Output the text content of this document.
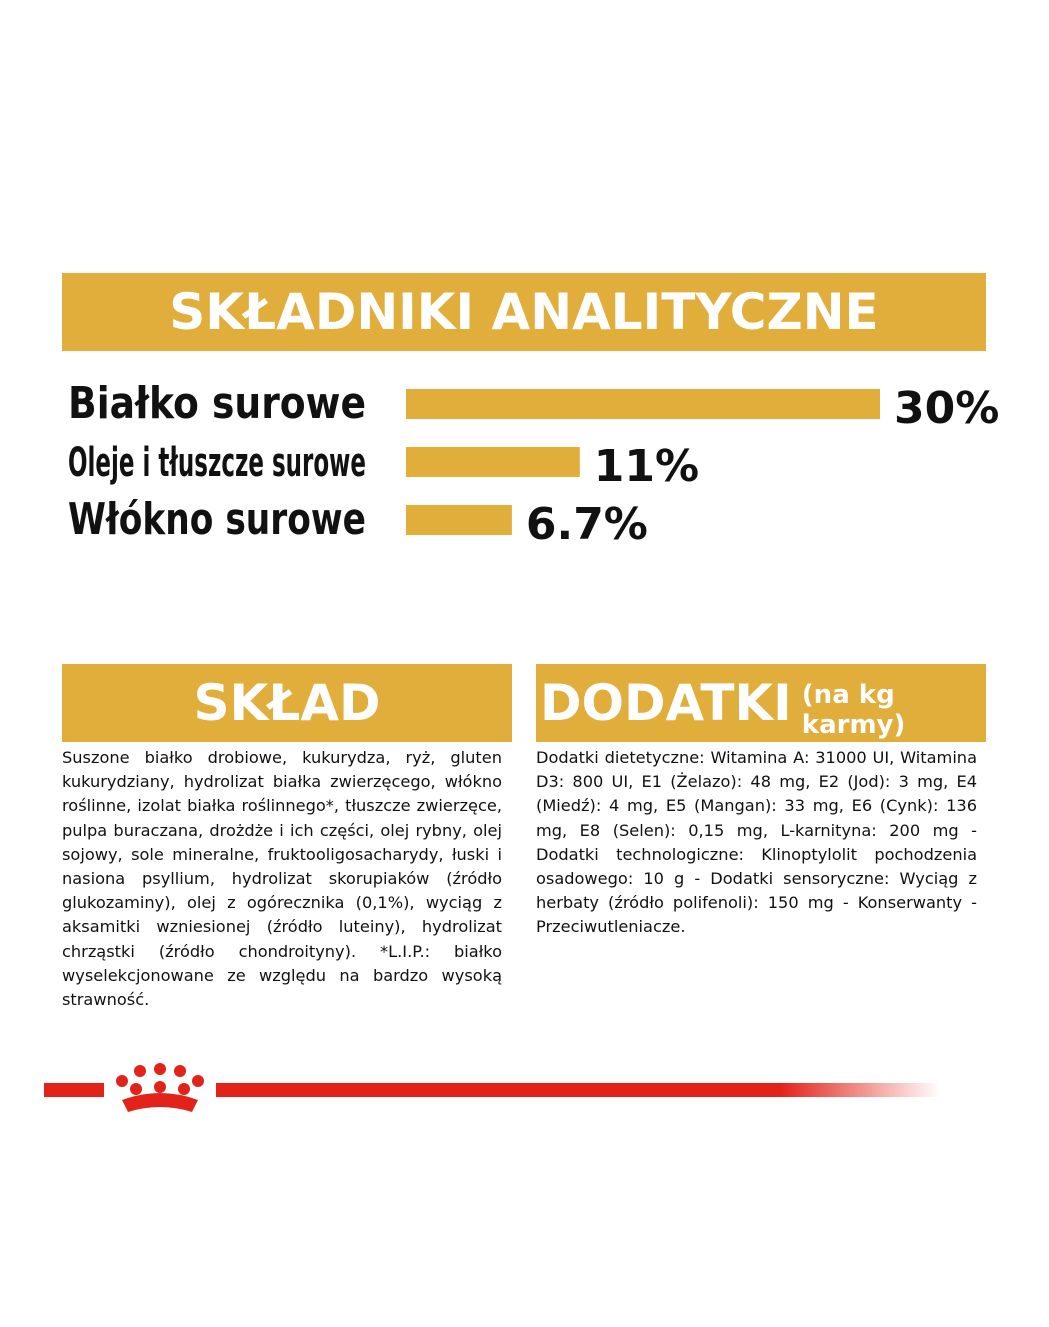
SKŁADNIKI ANALITYCZNE
Białko surowe	30%
Oleje i tłuszcze surowe	11%
Włókno surowe	6.7%
SKŁAD	DODATKI (na kg karmy)
Suszone białko drobiowe, kukurydza, ryż, gluten kukurydziany, hydrolizat białka zwierzęcego, włókno roślinne, izolat białka roślinnego*, tłuszcze zwierzęce, pulpa buraczana, drożdże i ich części, olej rybny, olej sojowy, sole mineralne, fruktooligosacharydy, łuski i nasiona psyllium, hydrolizat skorupiaków (źródło glukozaminy), olej z ogórecznika (0,1%), wyciąg z aksamitki wzniesionej (źródło luteiny), hydrolizat chrząstki (źródło chondroityny). *L.I.P.: białko wyselekcjonowane ze względu na bardzo wysoką strawność.
Dodatki dietetyczne: Witamina A: 31000 UI, Witamina D3: 800 UI, E1 (Żelazo): 48 mg, E2 (Jod): 3 mg, E4 (Miedź): 4 mg, E5 (Mangan): 33 mg, E6 (Cynk): 136 mg, E8 (Selen): 0,15 mg, L-karnityna: 200 mg - Dodatki technologiczne: Klinoptylolit pochodzenia osadowego: 10 g - Dodatki sensoryczne: Wyciąg z herbaty (źródło polifenoli): 150 mg - Konserwanty - Przeciwutleniacze.
